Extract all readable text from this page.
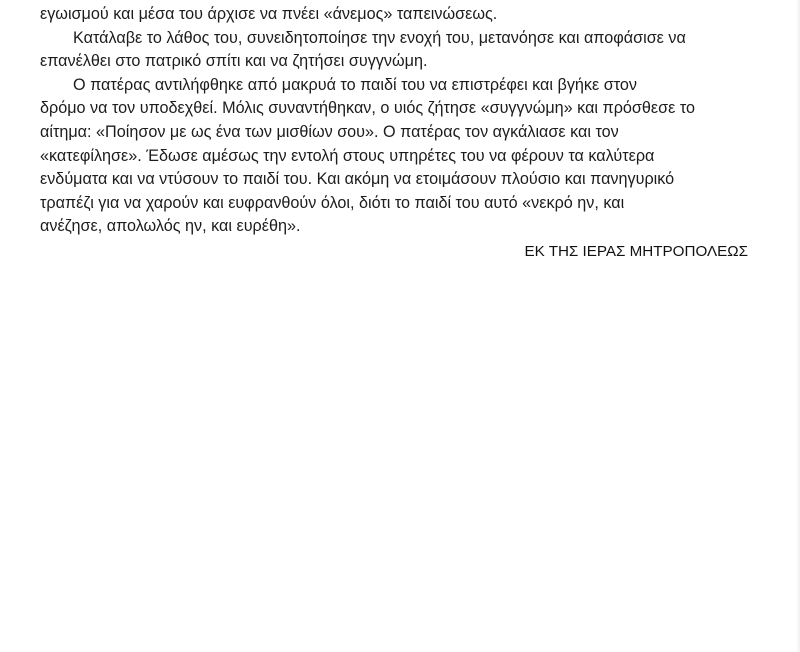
εγωισμού και μέσα του άρχισε να πνέει «άνεμος» ταπεινώσεως.
Κατάλαβε το λάθος του, συνειδητοποίησε την ενοχή του, μετανόησε και αποφάσισε να
επανέλθει στο πατρικό σπίτι και να ζητήσει συγγνώμη.
Ο πατέρας αντιλήφθηκε από μακρυά το παιδί του να επιστρέφει και βγήκε στον
δρόμο να τον υποδεχθεί. Μόλις συναντήθηκαν, ο υιός ζήτησε «συγγνώμη» και πρόσθεσε το
αίτημα: «Ποίησον με ως ένα των μισθίων σου». Ο πατέρας τον αγκάλιασε και τον
«κατεφίλησε». Έδωσε αμέσως την εντολή στους υπηρέτες του να φέρουν τα καλύτερα
ενδύματα και να ντύσουν το παιδί του. Και ακόμη να ετοιμάσουν πλούσιο και πανηγυρικό
τραπέζι για να χαρούν και ευφρανθούν όλοι, διότι το παιδί του αυτό «νεκρό ην, και
ανέζησε, απολωλός ην, και ευρέθη».
ΕΚ ΤΗΣ ΙΕΡΑΣ ΜΗΤΡΟΠΟΛΕΩΣ
